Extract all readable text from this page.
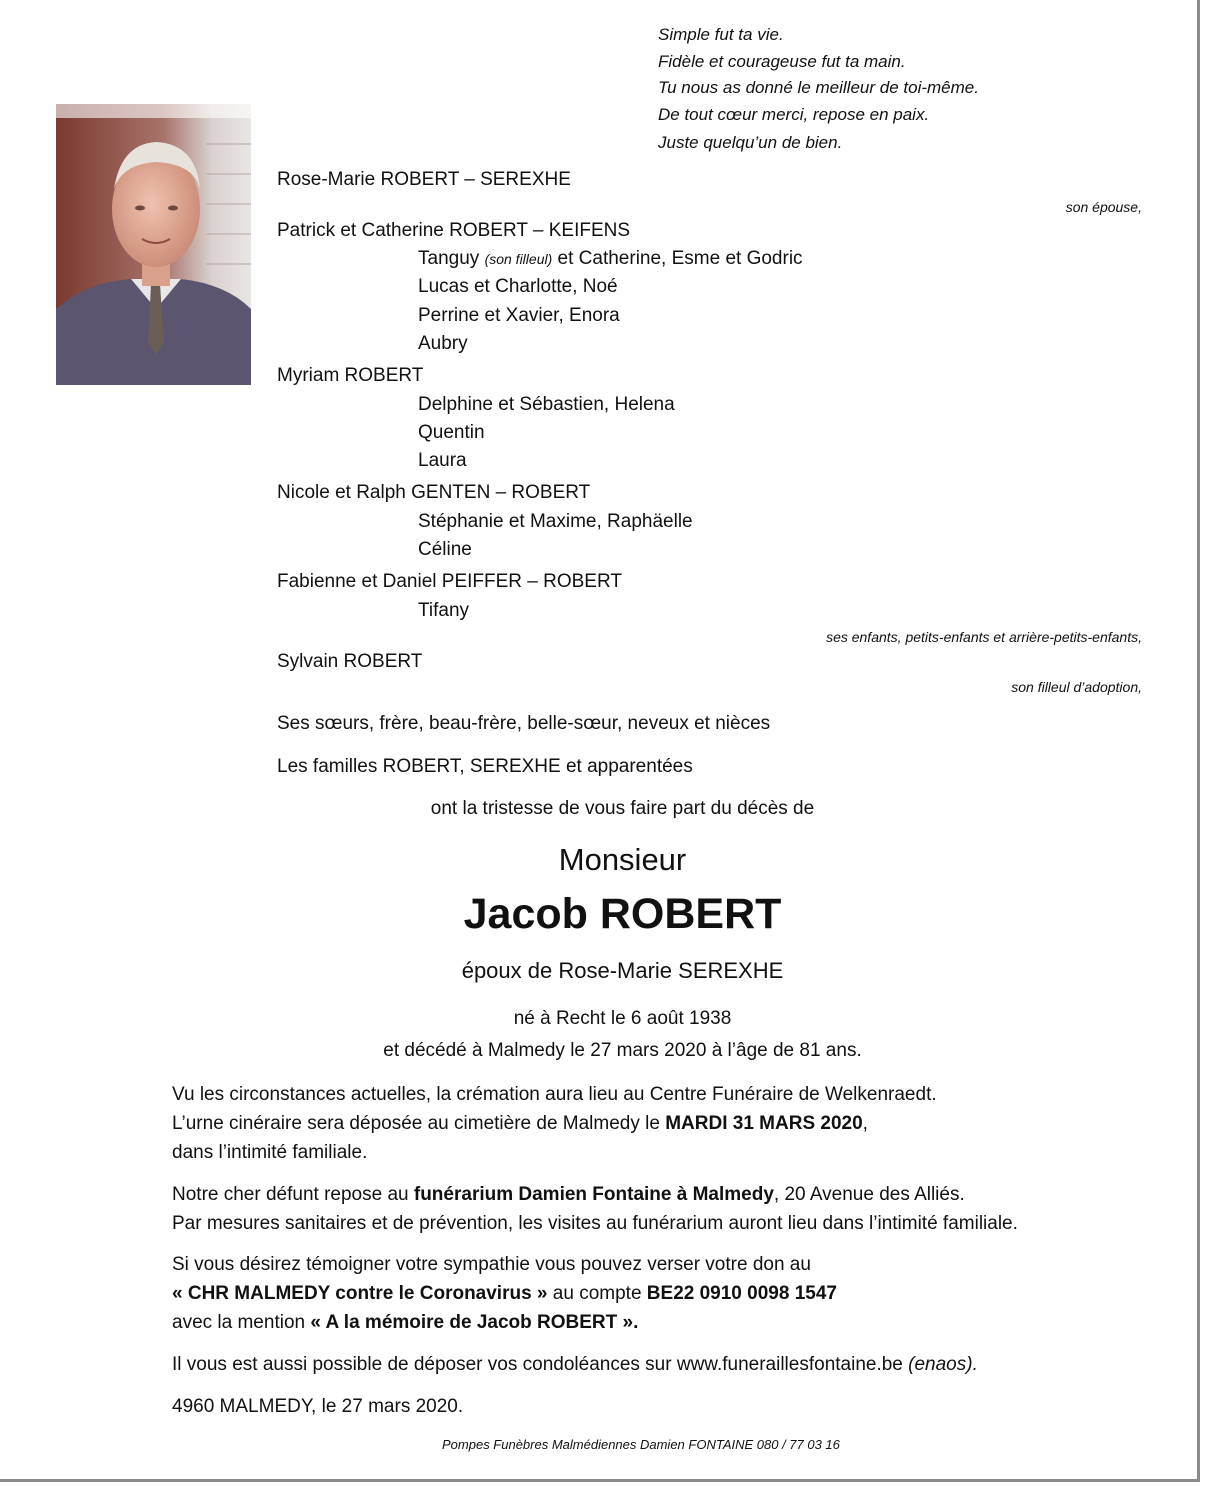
Simple fut ta vie.
Fidèle et courageuse fut ta main.
Tu nous as donné le meilleur de toi-même.
De tout cœur merci, repose en paix.
Juste quelqu’un de bien.
Rose-Marie ROBERT – SEREXHE
son épouse,
Patrick et Catherine ROBERT – KEIFENS
Tanguy (son filleul) et Catherine, Esme et Godric
Lucas et Charlotte, Noé
Perrine et Xavier, Enora
Aubry
Myriam ROBERT
Delphine et Sébastien, Helena
Quentin
Laura
Nicole et Ralph GENTEN – ROBERT
Stéphanie et Maxime, Raphäelle
Céline
Fabienne et Daniel PEIFFER – ROBERT
Tifany
ses enfants, petits-enfants et arrière-petits-enfants,
Sylvain ROBERT
son filleul d’adoption,
Ses sœurs, frère, beau-frère, belle-sœur, neveux et nièces
Les familles ROBERT, SEREXHE et apparentées
ont la tristesse de vous faire part du décès de
Monsieur
Jacob ROBERT
époux de Rose-Marie SEREXHE
né à Recht le 6 août 1938
et décédé à Malmedy le 27 mars 2020 à l’âge de 81 ans.
Vu les circonstances actuelles, la crémation aura lieu au Centre Funéraire de Welkenraedt.
L’urne cinéraire sera déposée au cimetière de Malmedy le MARDI 31 MARS 2020,
dans l’intimité familiale.
Notre cher défunt repose au funérarium Damien Fontaine à Malmedy, 20 Avenue des Alliés.
Par mesures sanitaires et de prévention, les visites au funérarium auront lieu dans l’intimité familiale.
Si vous désirez témoigner votre sympathie vous pouvez verser votre don au
« CHR MALMEDY contre le Coronavirus » au compte BE22 0910 0098 1547
avec la mention « A la mémoire de Jacob ROBERT ».
Il vous est aussi possible de déposer vos condoléances sur www.funeraillesfontaine.be (enaos).
4960 MALMEDY, le 27 mars 2020.
Pompes Funèbres Malmédiennes Damien FONTAINE 080 / 77 03 16
